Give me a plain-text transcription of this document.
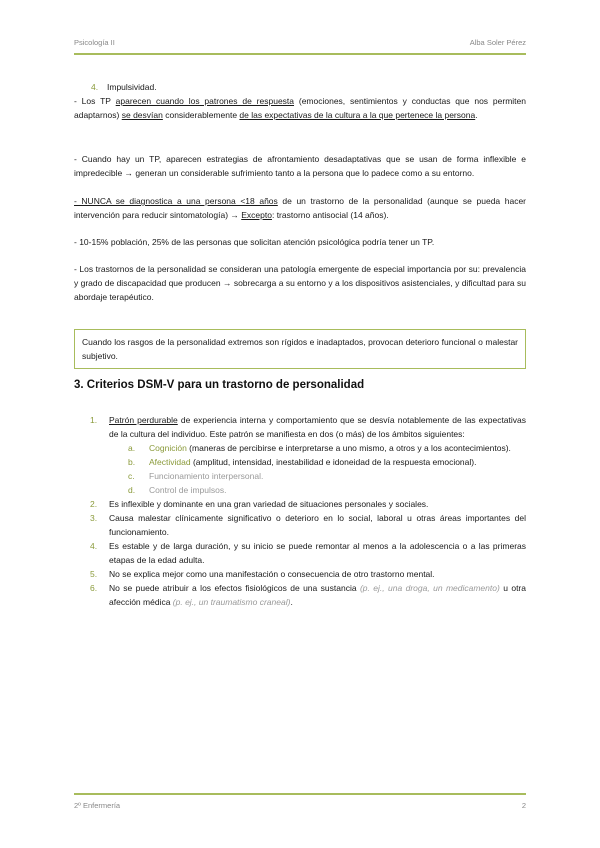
Psicología II	Alba Soler Pérez

4. Impulsividad.

- Los TP aparecen cuando los patrones de respuesta (emociones, sentimientos y conductas que nos permiten adaptarnos) se desvían considerablemente de las expectativas de la cultura a la que pertenece la persona.

- Cuando hay un TP, aparecen estrategias de afrontamiento desadaptativas que se usan de forma inflexible e impredecible → generan un considerable sufrimiento tanto a la persona que lo padece como a su entorno.

- NUNCA se diagnostica a una persona <18 años de un trastorno de la personalidad (aunque se pueda hacer intervención para reducir sintomatología) → Excepto: trastorno antisocial (14 años).

- 10-15% población, 25% de las personas que solicitan atención psicológica podría tener un TP.

- Los trastornos de la personalidad se consideran una patología emergente de especial importancia por su: prevalencia y grado de discapacidad que producen → sobrecarga a su entorno y a los dispositivos asistenciales, y dificultad para su abordaje terapéutico.

Cuando los rasgos de la personalidad extremos son rígidos e inadaptados, provocan deterioro funcional o malestar subjetivo.
3. Criterios DSM-V para un trastorno de personalidad
1. Patrón perdurable de experiencia interna y comportamiento que se desvía notablemente de las expectativas de la cultura del individuo. Este patrón se manifiesta en dos (o más) de los ámbitos siguientes:
a. Cognición (maneras de percibirse e interpretarse a uno mismo, a otros y a los acontecimientos).
b. Afectividad (amplitud, intensidad, inestabilidad e idoneidad de la respuesta emocional).
c. Funcionamiento interpersonal.
d. Control de impulsos.
2. Es inflexible y dominante en una gran variedad de situaciones personales y sociales.
3. Causa malestar clínicamente significativo o deterioro en lo social, laboral u otras áreas importantes del funcionamiento.
4. Es estable y de larga duración, y su inicio se puede remontar al menos a la adolescencia o a las primeras etapas de la edad adulta.
5. No se explica mejor como una manifestación o consecuencia de otro trastorno mental.
6. No se puede atribuir a los efectos fisiológicos de una sustancia (p. ej., una droga, un medicamento) u otra afección médica (p. ej., un traumatismo craneal).
2º Enfermería	2
